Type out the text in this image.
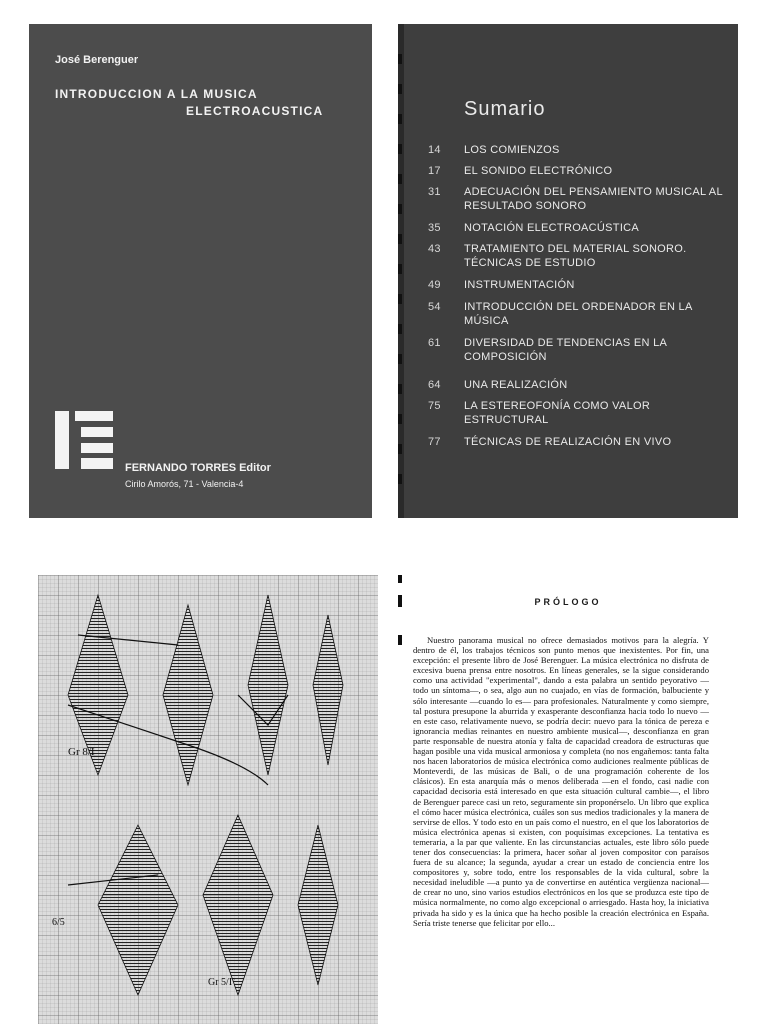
José Berenguer
INTRODUCCION A LA MUSICA
ELECTROACUSTICA
FERNANDO TORRES Editor
Cirilo Amorós, 71 - Valencia-4
Sumario
14	LOS COMIENZOS
17	EL SONIDO ELECTRÓNICO
31	ADECUACIÓN DEL PENSAMIENTO MUSICAL AL RESULTADO SONORO
35	NOTACIÓN ELECTROACÚSTICA
43	TRATAMIENTO DEL MATERIAL SONORO. TÉCNICAS DE ESTUDIO
49	INSTRUMENTACIÓN
54	INTRODUCCIÓN DEL ORDENADOR EN LA MÚSICA
61	DIVERSIDAD DE TENDENCIAS EN LA COMPOSICIÓN
64	UNA REALIZACIÓN
75	LA ESTEREOFONÍA COMO VALOR ESTRUCTURAL
77	TÉCNICAS DE REALIZACIÓN EN VIVO
Gr 8/I
6/5
Gr 5/Γ
PRÓLOGO
Nuestro panorama musical no ofrece demasiados motivos para la alegría. Y dentro de él, los trabajos técnicos son punto menos que inexistentes. Por fin, una excepción: el presente libro de José Berenguer. La música electrónica no disfruta de excesiva buena prensa entre nosotros. En líneas generales, se la sigue considerando como una actividad "experimental", dando a esta palabra un sentido peyorativo —todo un síntoma—, o sea, algo aun no cuajado, en vías de formación, balbuciente y sólo interesante —cuando lo es— para profesionales. Naturalmente y como siempre, tal postura presupone la aburrida y exasperante desconfianza hacia todo lo nuevo —en este caso, relativamente nuevo, se podría decir: nuevo para la tónica de pereza e ignorancia medias reinantes en nuestro ambiente musical—, desconfianza en gran parte responsable de nuestra atonía y falta de capacidad creadora de estructuras que hagan posible una vida musical armoniosa y completa (no nos engañemos: tanta falta nos hacen laboratorios de música electrónica como audiciones realmente públicas de Monteverdi, de las músicas de Bali, o de una programación coherente de los clásicos). En esta anarquía más o menos deliberada —en el fondo, casi nadie con capacidad decisoria está interesado en que esta situación cultural cambie—, el libro de Berenguer parece casi un reto, seguramente sin proponérselo. Un libro que explica el cómo hacer música electrónica, cuáles son sus medios tradicionales y la manera de servirse de ellos. Y todo esto en un país como el nuestro, en el que los laboratorios de música electrónica apenas si existen, con poquísimas excepciones. La tentativa es temeraria, a la par que valiente. En las circunstancias actuales, este libro sólo puede tener dos consecuencias: la primera, hacer soñar al joven compositor con paraísos fuera de su alcance; la segunda, ayudar a crear un estado de conciencia entre los compositores y, sobre todo, entre los responsables de la vida cultural, sobre la necesidad ineludible —a punto ya de convertirse en auténtica vergüenza nacional— de crear no uno, sino varios estudios electrónicos en los que se produzca este tipo de música normalmente, no como algo excepcional o arriesgado. Hasta hoy, la iniciativa privada ha sido y es la única que ha hecho posible la creación electrónica en España. Sería triste tenerse que felicitar por ello...
